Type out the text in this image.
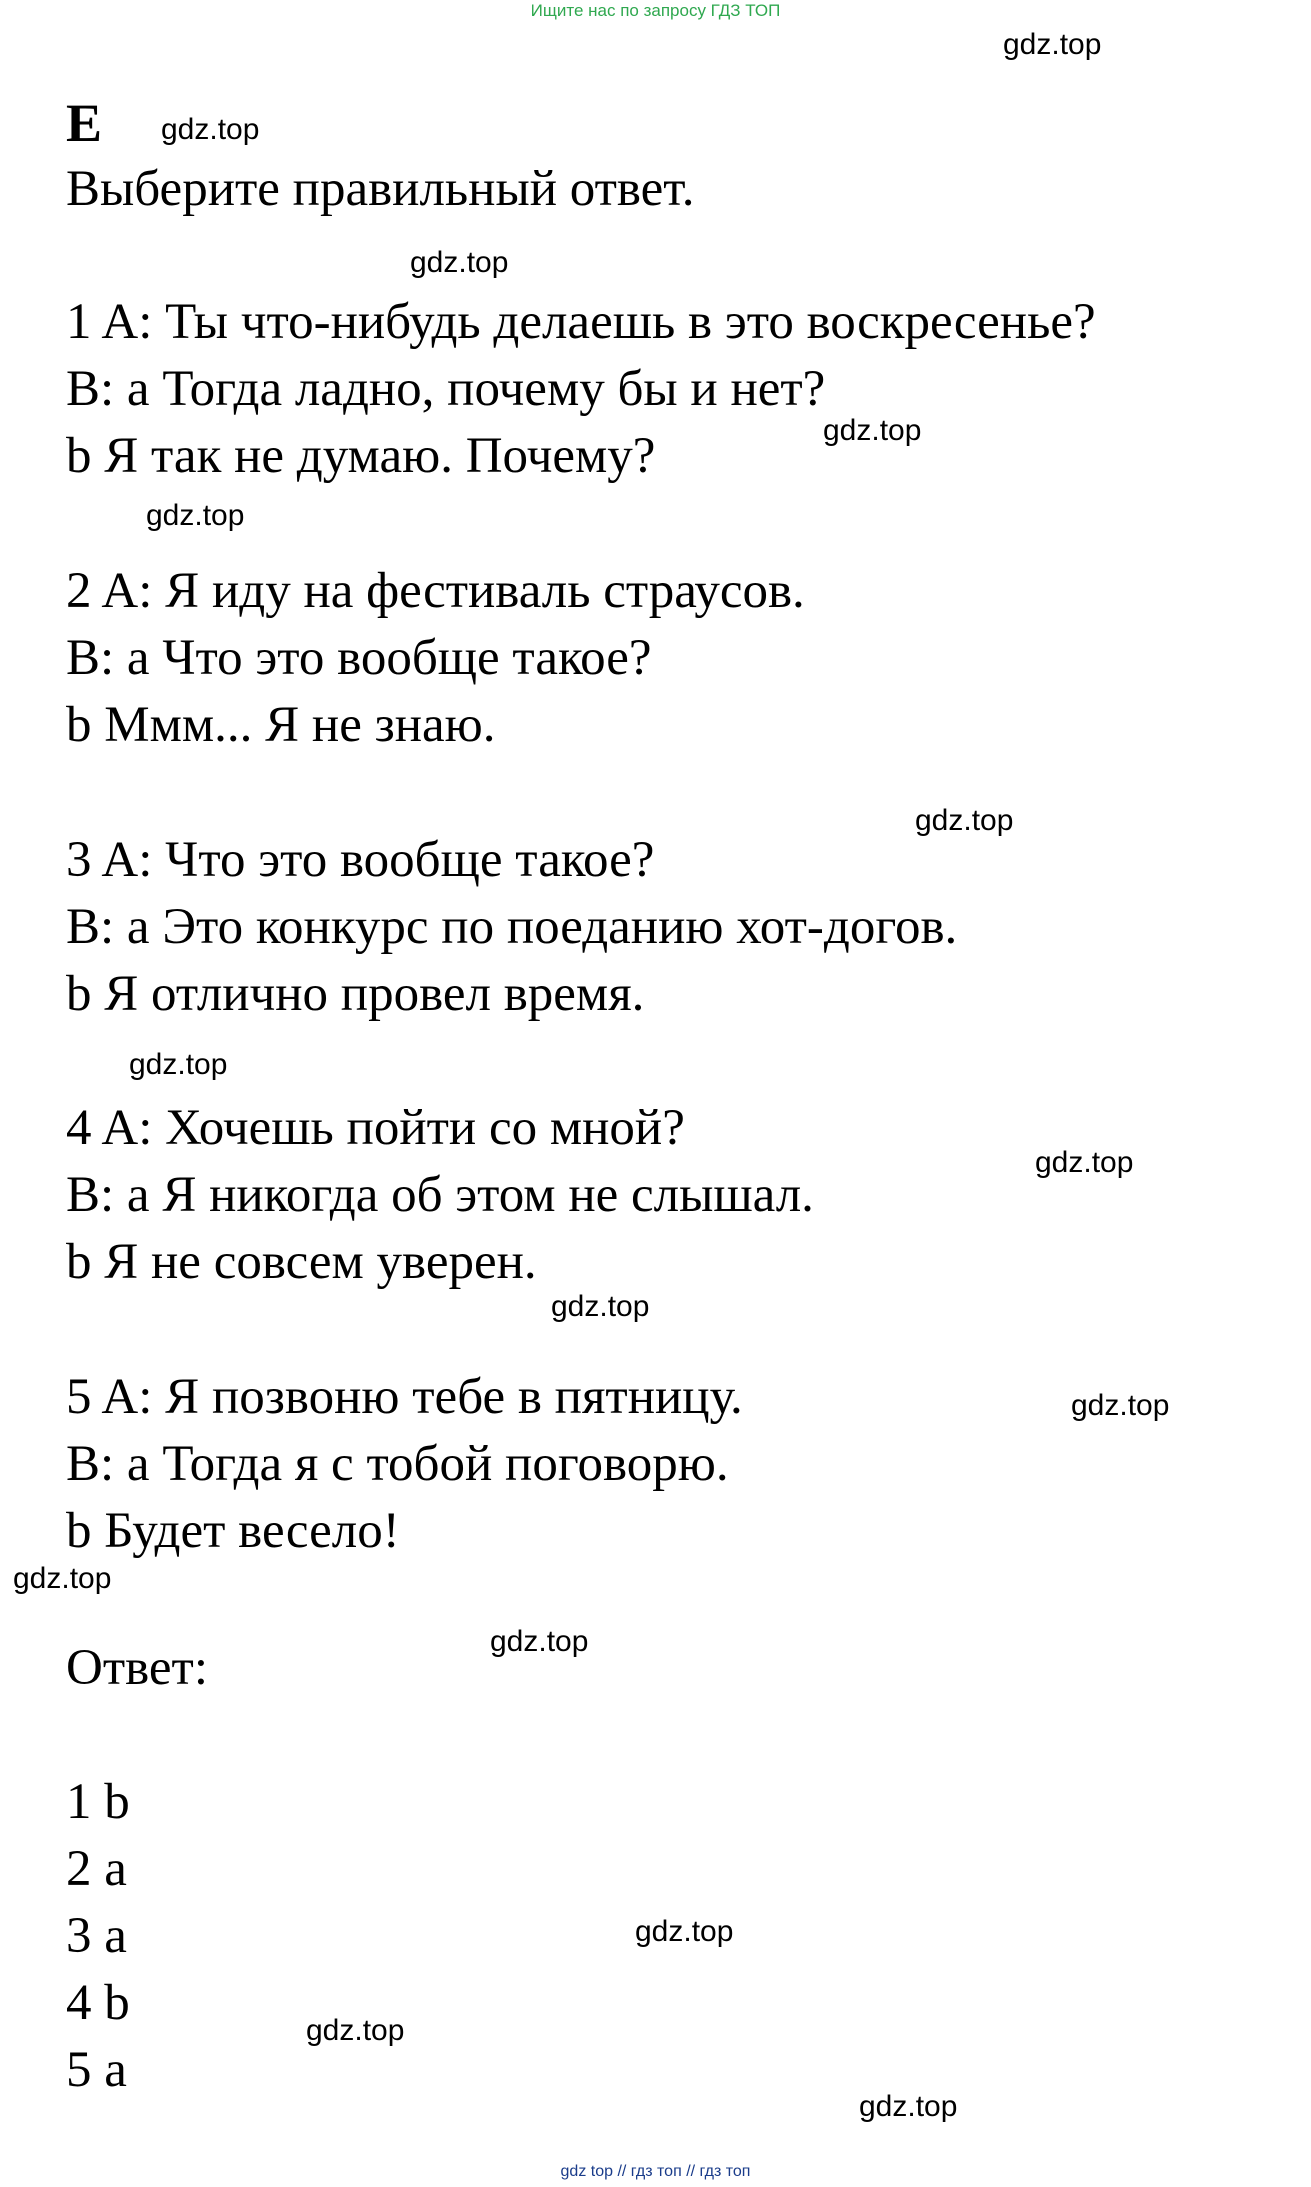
Ищите нас по запросу ГДЗ ТОП
gdz.top
gdz.top
gdz.top
gdz.top
gdz.top
gdz.top
gdz.top
gdz.top
gdz.top
gdz.top
gdz.top
gdz.top
gdz.top
gdz.top
gdz.top
E
Выберите правильный ответ.
1 A: Ты что-нибудь делаешь в это воскресенье?
B: a Тогда ладно, почему бы и нет?
b Я так не думаю. Почему?
2 A: Я иду на фестиваль страусов.
B: a Что это вообще такое?
b Ммм... Я не знаю.
3 A: Что это вообще такое?
B: a Это конкурс по поеданию хот-догов.
b Я отлично провел время.
4 A: Хочешь пойти со мной?
B: a Я никогда об этом не слышал.
b Я не совсем уверен.
5 A: Я позвоню тебе в пятницу.
B: a Тогда я с тобой поговорю.
b Будет весело!
Ответ:
1 b
2 a
3 a
4 b
5 a
gdz top // гдз топ // гдз топ
